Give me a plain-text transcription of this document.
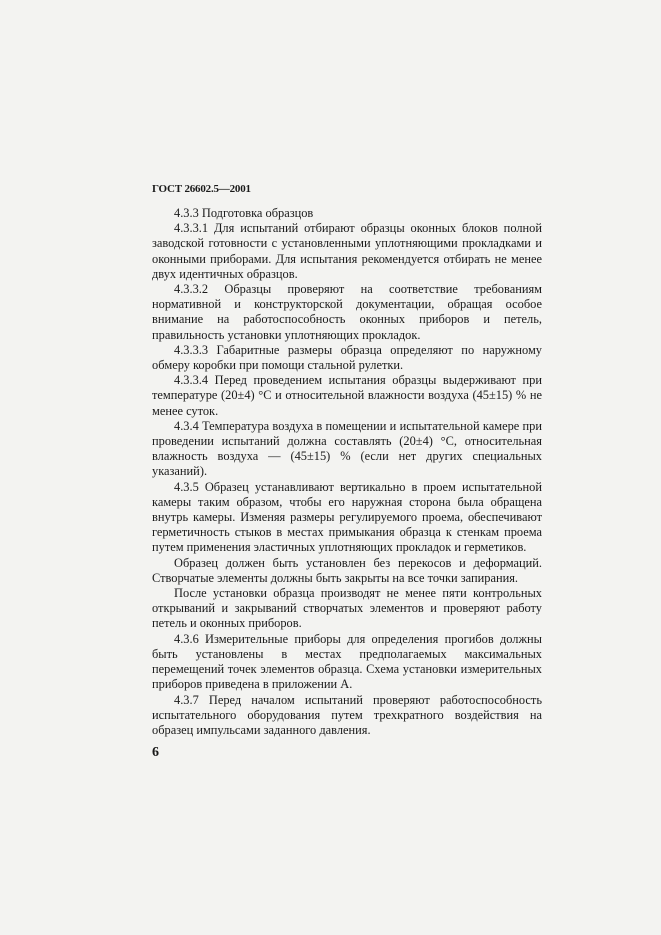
ГОСТ 26602.5—2001

4.3.3 Подготовка образцов

4.3.3.1 Для испытаний отбирают образцы оконных блоков полной заводской готовности с установленными уплотняющими прокладками и оконными приборами. Для испытания рекомендуется отбирать не менее двух идентичных образцов.

4.3.3.2 Образцы проверяют на соответствие требованиям нормативной и конструкторской документации, обращая особое внимание на работоспособность оконных приборов и петель, правильность установки уплотняющих прокладок.

4.3.3.3 Габаритные размеры образца определяют по наружному обмеру коробки при помощи стальной рулетки.

4.3.3.4 Перед проведением испытания образцы выдерживают при температуре (20±4) °С и относительной влажности воздуха (45±15) % не менее суток.

4.3.4 Температура воздуха в помещении и испытательной камере при проведении испытаний должна составлять (20±4) °С, относительная влажность воздуха — (45±15) % (если нет других специальных указаний).

4.3.5 Образец устанавливают вертикально в проем испытательной камеры таким образом, чтобы его наружная сторона была обращена внутрь камеры. Изменяя размеры регулируемого проема, обеспечивают герметичность стыков в местах примыкания образца к стенкам проема путем применения эластичных уплотняющих прокладок и герметиков.

Образец должен быть установлен без перекосов и деформаций. Створчатые элементы должны быть закрыты на все точки запирания.

После установки образца производят не менее пяти контрольных открываний и закрываний створчатых элементов и проверяют работу петель и оконных приборов.

4.3.6 Измерительные приборы для определения прогибов должны быть установлены в местах предполагаемых максимальных перемещений точек элементов образца. Схема установки измерительных приборов приведена в приложении А.

4.3.7 Перед началом испытаний проверяют работоспособность испытательного оборудования путем трехкратного воздействия на образец импульсами заданного давления.

6
